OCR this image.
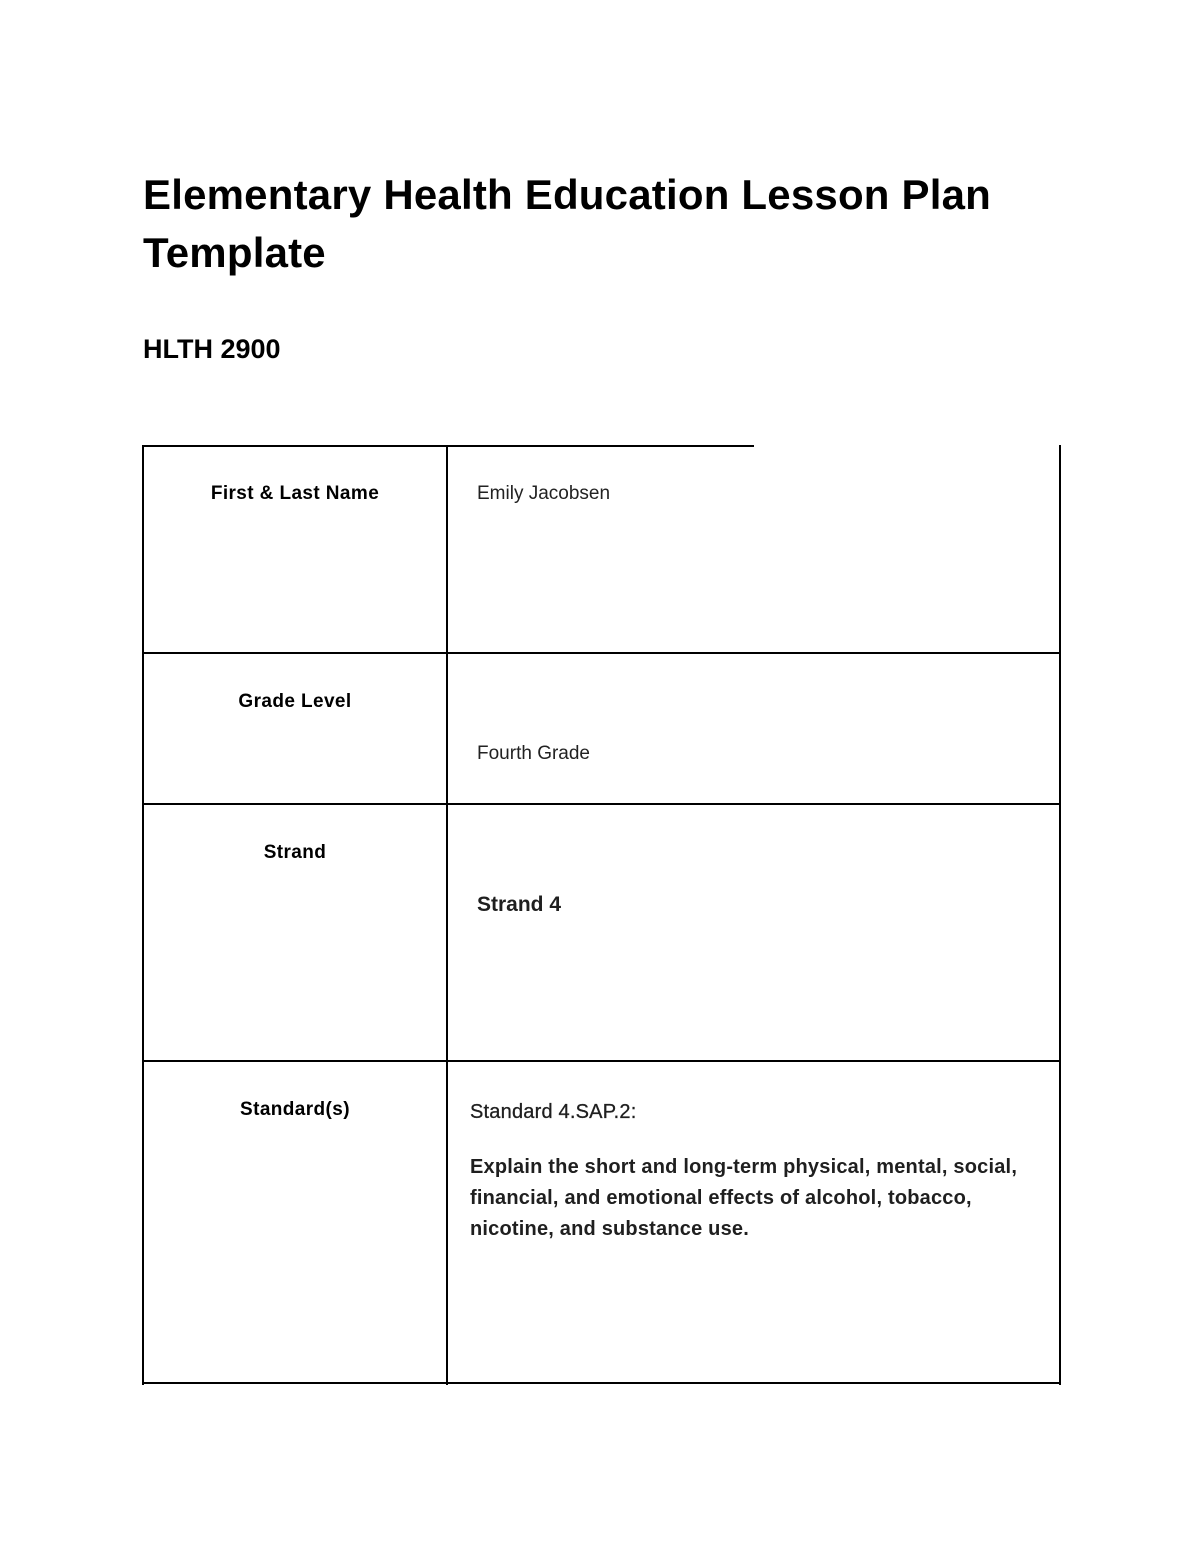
Elementary Health Education Lesson Plan Template
HLTH 2900
First & Last Name	Emily Jacobsen
Grade Level
Fourth Grade
Strand
Strand 4
Standard(s)	Standard 4.SAP.2:

Explain the short and long-term physical, mental, social, financial, and emotional effects of alcohol, tobacco, nicotine, and substance use.
